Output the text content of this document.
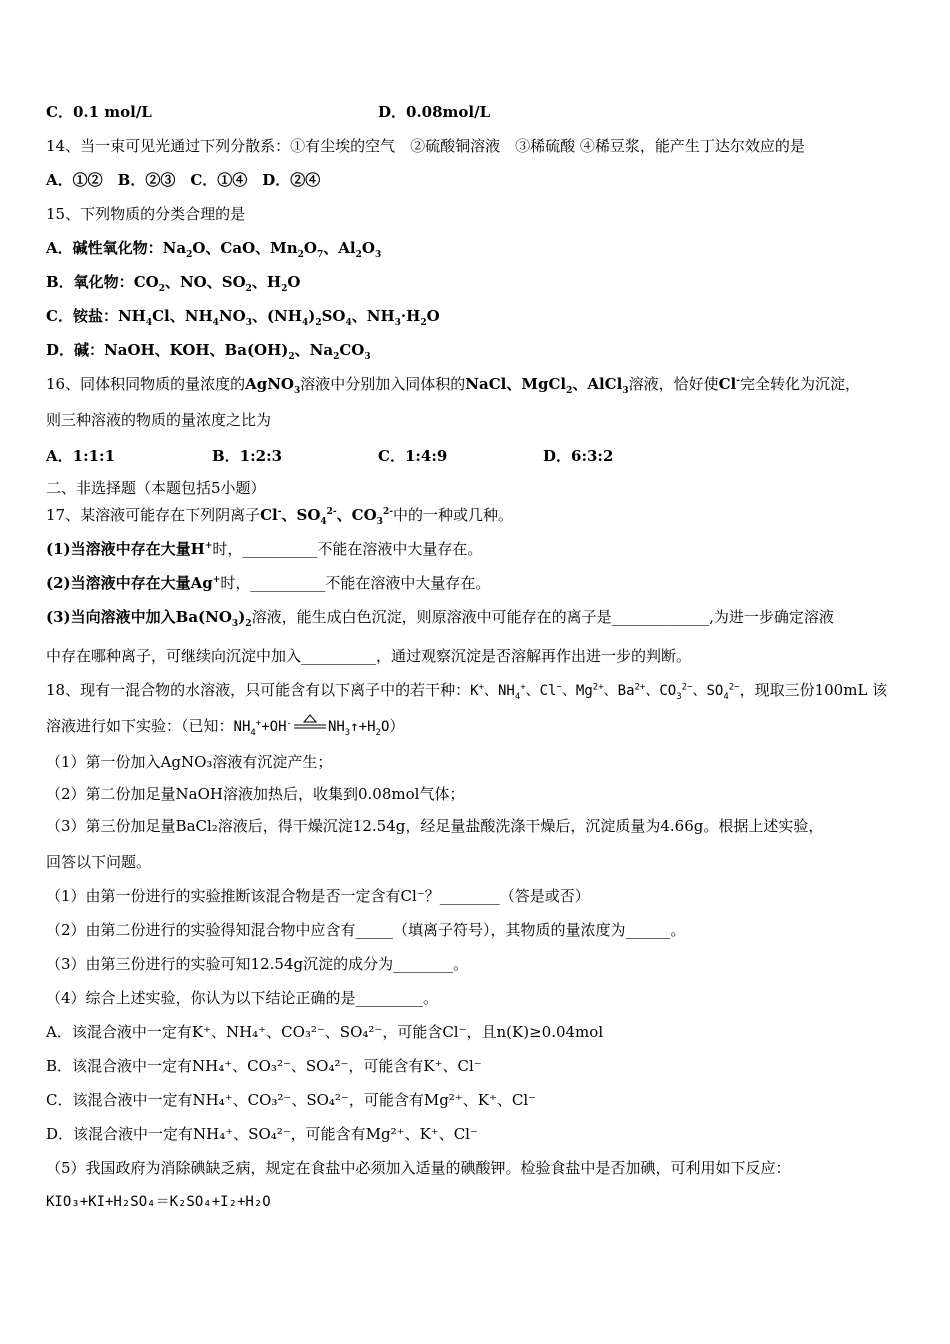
C．0.1 mol/L	D．0.08mol/L
14、当一束可见光通过下列分散系：①有尘埃的空气　②硫酸铜溶液　③稀硫酸 ④稀豆浆，能产生丁达尔效应的是
A．①②　B．②③　C．①④　D．②④
15、下列物质的分类合理的是
A．碱性氧化物：$Na_2O$、CaO、$Mn_2O_7$、$Al_2O_3$
B．氧化物：$CO_2$、NO、$SO_2$、$H_2O$
C．铵盐：$NH_4Cl$、$NH_4NO_3$、$(NH_4)_2SO_4$、$NH_3\cdot H_2O$
D．碱：NaOH、KOH、$Ba(OH)_2$、$Na_2CO_3$
16、同体积同物质的量浓度的AgNO$_3$溶液中分别加入同体积的NaCl、MgCl$_2$、AlCl$_3$溶液，恰好使Cl-完全转化为沉淀，
则三种溶液的物质的量浓度之比为
A．1:1:1	B．1:2:3	C．1:4:9	D．6:3:2
二、非选择题（本题包括5小题）
17、某溶液可能存在下列阴离子Cl-、$SO_4^{2-}$、$CO_3^{2-}$中的一种或几种。
(1)当溶液中存在大量H+时，__________不能在溶液中大量存在。
(2)当溶液中存在大量Ag+时，__________不能在溶液中大量存在。
(3)当向溶液中加入$Ba(NO_3)_2$溶液，能生成白色沉淀，则原溶液中可能存在的离子是_____________,为进一步确定溶液
中存在哪种离子，可继续向沉淀中加入__________，通过观察沉淀是否溶解再作出进一步的判断。
18、现有一混合物的水溶液，只可能含有以下离子中的若干种：K+、$NH_4^+$、Cl−、$Mg^{2+}$、$Ba^{2+}$、$CO_3^{2-}$、$SO_4^{2-}$，现取三份100mL 该
溶液进行如下实验：（已知：$NH_4^++OH^-$	$NH_3↑+H_2O$）
（1）第一份加入AgNO₃溶液有沉淀产生；
（2）第二份加足量NaOH溶液加热后，收集到0.08mol气体；
（3）第三份加足量BaCl₂溶液后，得干燥沉淀12.54g，经足量盐酸洗涤干燥后，沉淀质量为4.66g。根据上述实验，
回答以下问题。
（1）由第一份进行的实验推断该混合物是否一定含有Cl⁻？________（答是或否）
（2）由第二份进行的实验得知混合物中应含有_____（填离子符号），其物质的量浓度为______。
（3）由第三份进行的实验可知12.54g沉淀的成分为________。
（4）综合上述实验，你认为以下结论正确的是_________。
A．该混合液中一定有K⁺、NH₄⁺、CO₃²⁻、SO₄²⁻，可能含Cl⁻，且n(K)≥0.04mol
B．该混合液中一定有NH₄⁺、CO₃²⁻、SO₄²⁻，可能含有K⁺、Cl⁻
C．该混合液中一定有NH₄⁺、CO₃²⁻、SO₄²⁻，可能含有Mg²⁺、K⁺、Cl⁻
D．该混合液中一定有NH₄⁺、SO₄²⁻，可能含有Mg²⁺、K⁺、Cl⁻
（5）我国政府为消除碘缺乏病，规定在食盐中必须加入适量的碘酸钾。检验食盐中是否加碘，可利用如下反应：
KIO₃+KI+H₂SO₄＝K₂SO₄+I₂+H₂O
